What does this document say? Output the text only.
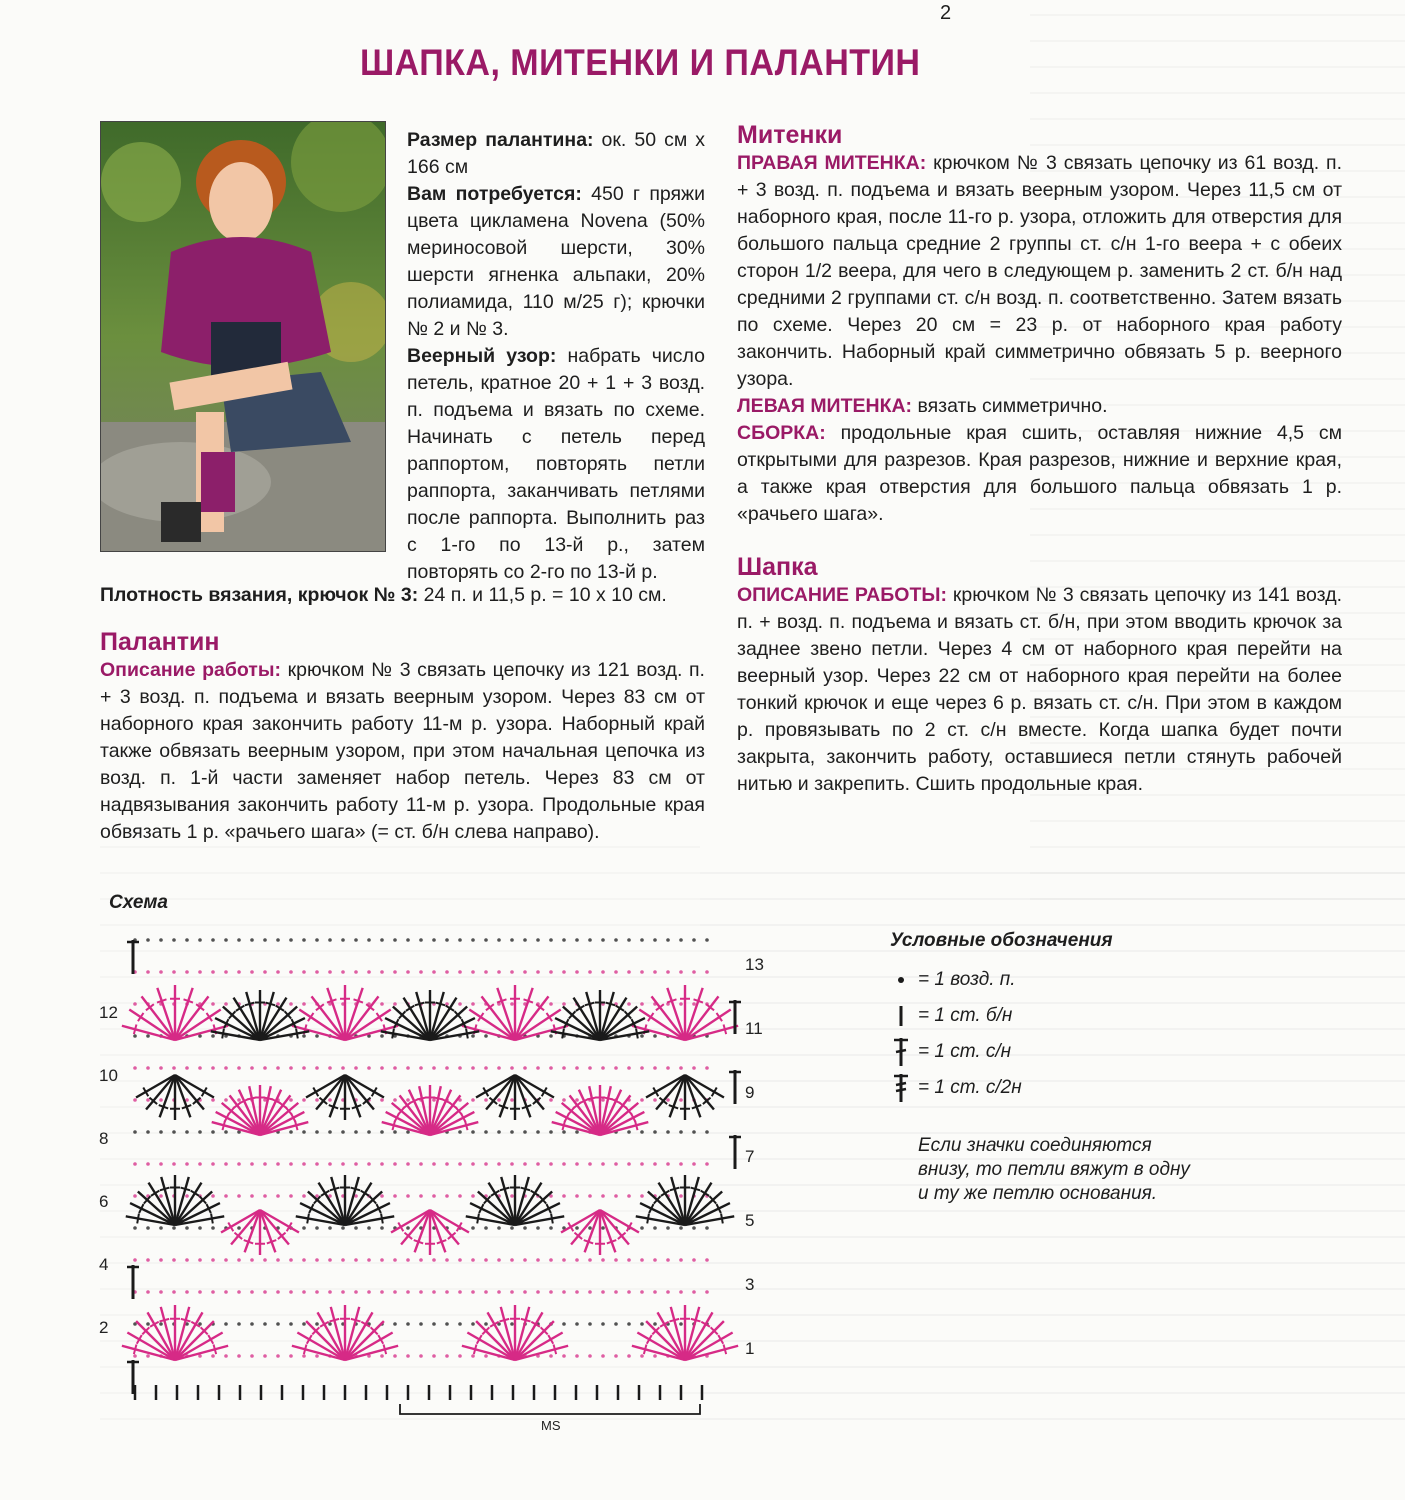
2
ШАПКА, МИТЕНКИ И ПАЛАНТИН

Размер палантина: ок. 50 см x 166 см

Вам потребуется: 450 г пряжи цвета цикламена Novena (50% мериносовой шерсти, 30% шерсти ягненка альпаки, 20% полиамида, 110 м/25 г); крючки № 2 и № 3.

Веерный узор: набрать число петель, кратное 20 + 1 + 3 возд. п. подъема и вязать по схеме. Начинать с петель перед раппортом, повторять петли раппорта, заканчивать петлями после раппорта. Выполнить раз с 1-го по 13-й р., затем повторять со 2-го по 13-й р.

Плотность вязания, крючок № 3: 24 п. и 11,5 р. = 10 х 10 см.

Палантин

Описание работы: крючком № 3 связать цепочку из 121 возд. п. + 3 возд. п. подъема и вязать веерным узором. Через 83 см от наборного края закончить работу 11-м р. узора. Наборный край также обвязать веерным узором, при этом начальная цепочка из возд. п. 1-й части заменяет набор петель. Через 83 см от надвязывания закончить работу 11-м р. узора. Продольные края обвязать 1 р. «рачьего шага» (= ст. б/н слева направо).

Митенки

ПРАВАЯ МИТЕНКА: крючком № 3 связать цепочку из 61 возд. п. + 3 возд. п. подъема и вязать веерным узором. Через 11,5 см от наборного края, после 11-го р. узора, отложить для отверстия для большого пальца средние 2 группы ст. с/н 1-го веера + с обеих сторон 1/2 веера, для чего в следующем р. заменить 2 ст. б/н над средними 2 группами ст. с/н возд. п. соответственно. Затем вязать по схеме. Через 20 см = 23 р. от наборного края работу закончить. Наборный край симметрично обвязать 5 р. веерного узора.

ЛЕВАЯ МИТЕНКА: вязать симметрично.

СБОРКА: продольные края сшить, оставляя нижние 4,5 см открытыми для разрезов. Края разрезов, нижние и верхние края, а также края отверстия для большого пальца обвязать 1 р. «рачьего шага».

Шапка

ОПИСАНИЕ РАБОТЫ: крючком № 3 связать цепочку из 141 возд. п. + возд. п. подъема и вязать ст. б/н, при этом вводить крючок за заднее звено петли. Через 4 см от наборного края перейти на веерный узор. Через 22 см от наборного края перейти на более тонкий крючок и еще через 6 р. вязать ст. с/н. При этом в каждом р. провязывать по 2 ст. с/н вместе. Когда шапка будет почти закрыта, закончить работу, оставшиеся петли стянуть рабочей нитью и закрепить. Сшить продольные края.

Схема
12
10
8
6
4
2
13
11
9
7
5
3
1
MS
Условные обозначения
= 1 возд. п.
= 1 ст. б/н
= 1 ст. с/н
= 1 ст. с/2н
Если значки соединяются внизу, то петли вяжут в одну и ту же петлю основания.
